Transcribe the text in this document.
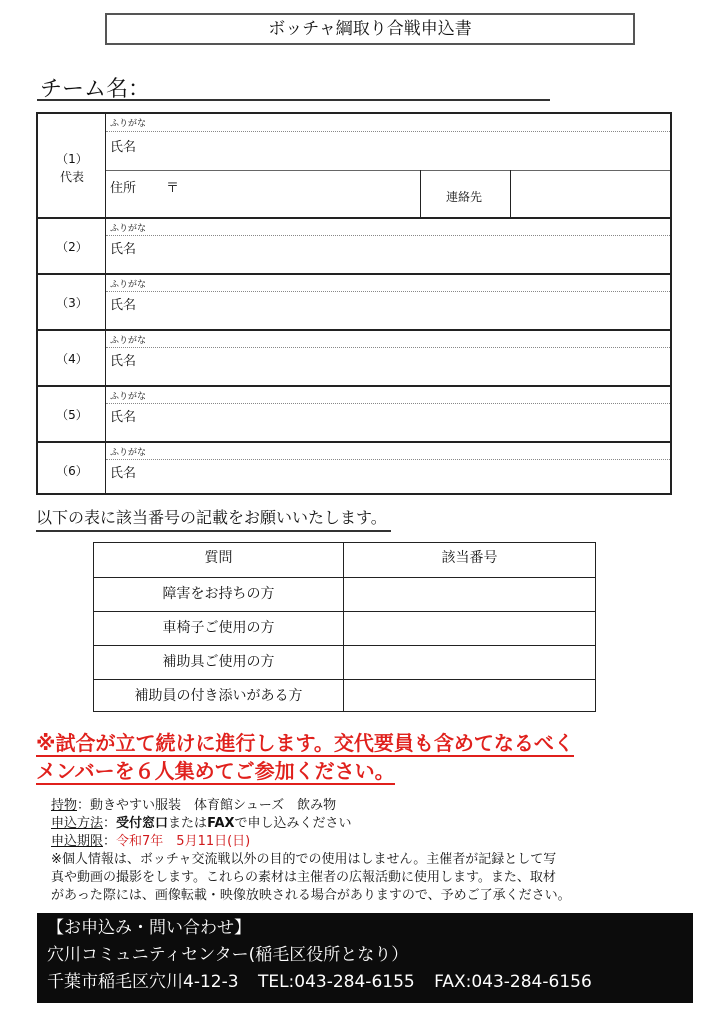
ボッチャ綱取り合戦申込書
チーム名：
（1）
代表
ふりがな
氏名
住所 〒
連絡先
（2）
ふりがな
氏名
（3）
ふりがな
氏名
（4）
ふりがな
氏名
（5）
ふりがな
氏名
（6）
ふりがな
氏名
以下の表に該当番号の記載をお願いいたします。
質問	該当番号
障害をお持ちの方
車椅子ご使用の方
補助具ご使用の方
補助員の付き添いがある方
※試合が立て続けに進行します。交代要員も含めてなるべく
メンバーを６人集めてご参加ください。
持物：動きやすい服装　体育館シューズ　飲み物
申込方法：受付窓口またはFAXで申し込みください
申込期限：令和7年　5月11日(日)
※個人情報は、ボッチャ交流戦以外の目的での使用はしません。主催者が記録として写
真や動画の撮影をします。これらの素材は主催者の広報活動に使用します。また、取材
があった際には、画像転載・映像放映される場合がありますので、予めご了承ください。
【お申込み・問い合わせ】
穴川コミュニティセンター(稲毛区役所となり）
千葉市稲毛区穴川4-12-3 TEL:043-284-6155 FAX:043-284-6156
